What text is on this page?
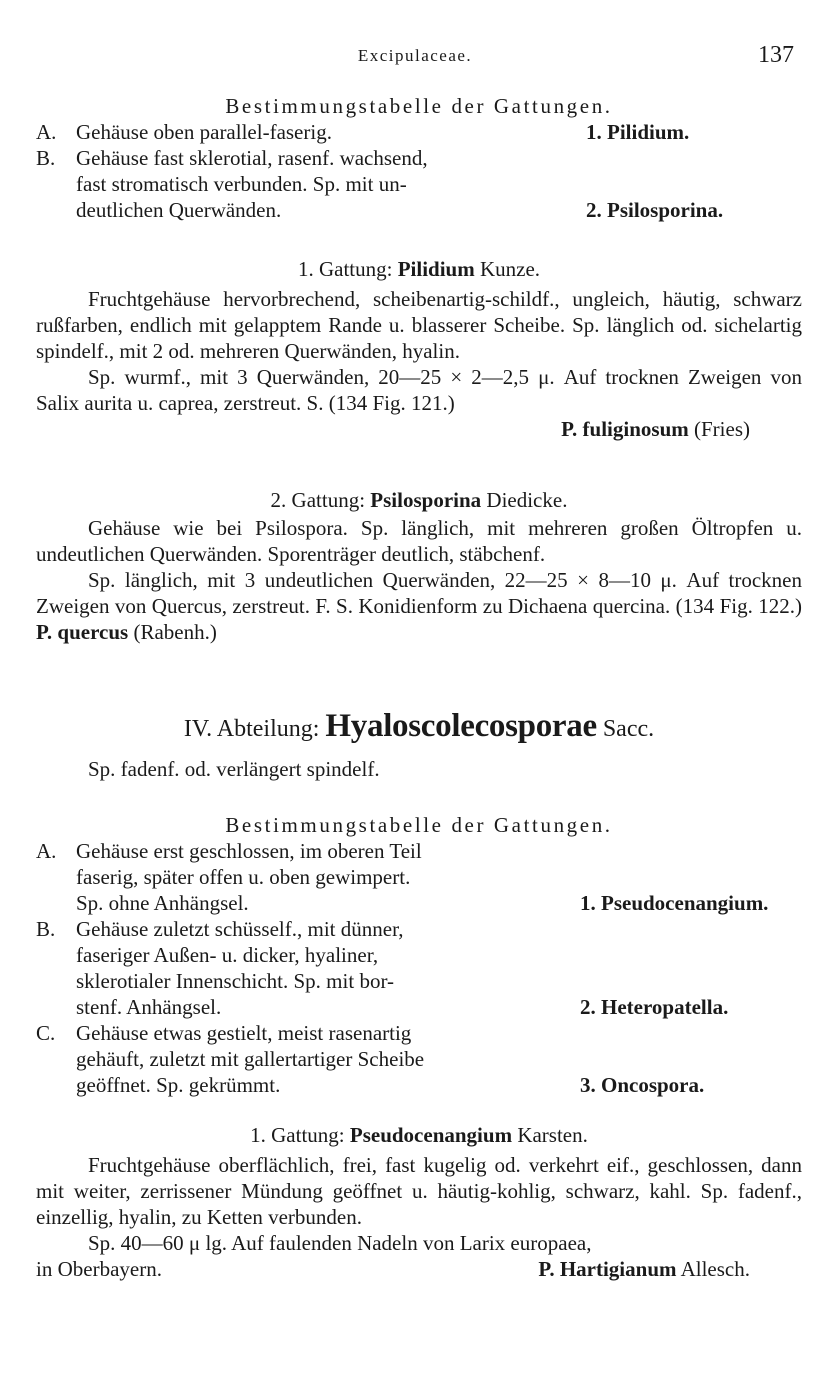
Excipulaceae.	137
Bestimmungstabelle der Gattungen.
A.	Gehäuse oben parallel-faserig.	1. Pilidium.
B.	Gehäuse fast sklerotial, rasenf. wachsend,
fast stromatisch verbunden. Sp. mit un-
deutlichen Querwänden.	2. Psilosporina.
1. Gattung: Pilidium Kunze.
Fruchtgehäuse hervorbrechend, scheibenartig-schildf., ungleich, häutig, schwarz rußfarben, endlich mit gelapptem Rande u. blasserer Scheibe. Sp. länglich od. sichelartig spindelf., mit 2 od. mehreren Querwänden, hyalin.
Sp. wurmf., mit 3 Querwänden, 20—25 × 2—2,5 μ. Auf trocknen Zweigen von Salix aurita u. caprea, zerstreut. S. (134 Fig. 121.)
P. fuliginosum (Fries)
2. Gattung: Psilosporina Diedicke.
Gehäuse wie bei Psilospora. Sp. länglich, mit mehreren großen Öltropfen u. undeutlichen Querwänden. Sporenträger deutlich, stäbchenf.
Sp. länglich, mit 3 undeutlichen Querwänden, 22—25 × 8—10 μ. Auf trocknen Zweigen von Quercus, zerstreut. F. S. Konidienform zu Dichaena quercina. (134 Fig. 122.) P. quercus (Rabenh.)
IV. Abteilung: Hyaloscolecosporae Sacc.
Sp. fadenf. od. verlängert spindelf.
Bestimmungstabelle der Gattungen.
A.	Gehäuse erst geschlossen, im oberen Teil
faserig, später offen u. oben gewimpert.
Sp. ohne Anhängsel.	1. Pseudocenangium.
B.	Gehäuse zuletzt schüsself., mit dünner,
faseriger Außen- u. dicker, hyaliner,
sklerotialer Innenschicht. Sp. mit bor-
stenf. Anhängsel.	2. Heteropatella.
C.	Gehäuse etwas gestielt, meist rasenartig
gehäuft, zuletzt mit gallertartiger Scheibe
geöffnet. Sp. gekrümmt.	3. Oncospora.
1. Gattung: Pseudocenangium Karsten.
Fruchtgehäuse oberflächlich, frei, fast kugelig od. verkehrt eif., geschlossen, dann mit weiter, zerrissener Mündung geöffnet u. häutig-kohlig, schwarz, kahl. Sp. fadenf., einzellig, hyalin, zu Ketten verbunden.
Sp. 40—60 μ lg. Auf faulenden Nadeln von Larix europaea,
in Oberbayern.	P. Hartigianum Allesch.
